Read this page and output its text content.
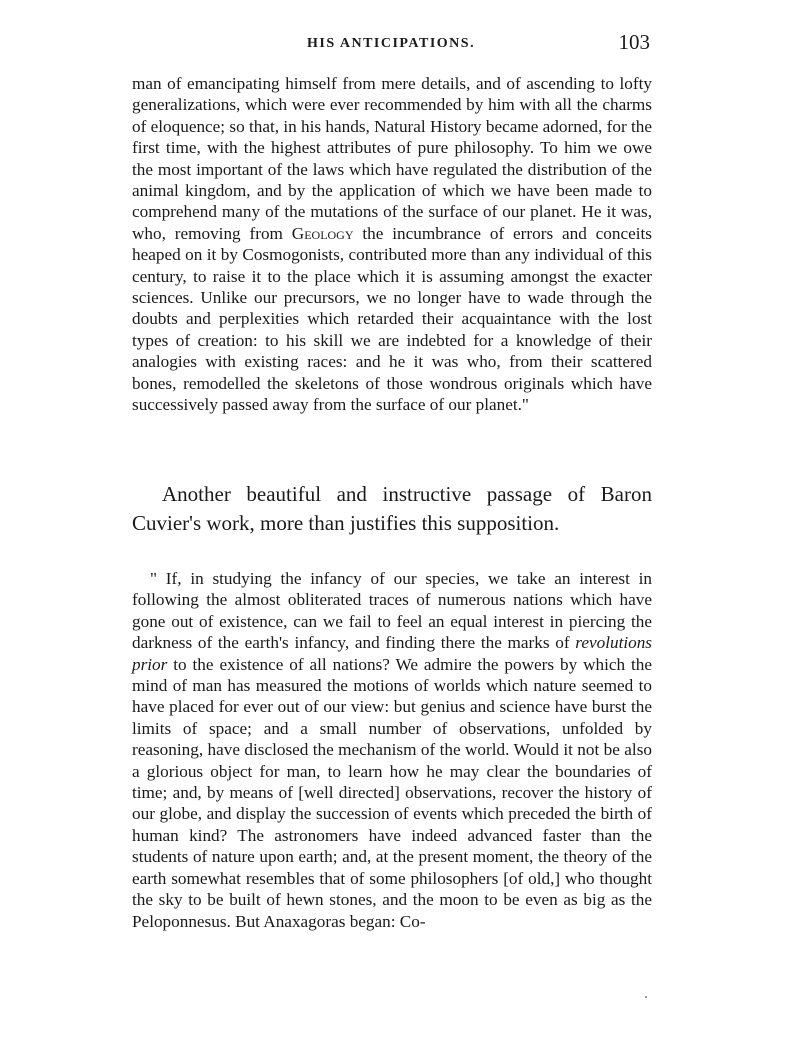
HIS ANTICIPATIONS.	103

man of emancipating himself from mere details, and of ascending to lofty generalizations, which were ever recommended by him with all the charms of eloquence; so that, in his hands, Natural History became adorned, for the first time, with the highest attributes of pure philosophy. To him we owe the most important of the laws which have regulated the distribution of the animal kingdom, and by the application of which we have been made to comprehend many of the mutations of the surface of our planet. He it was, who, removing from Geology the incumbrance of errors and conceits heaped on it by Cosmogonists, contributed more than any individual of this century, to raise it to the place which it is assuming amongst the exacter sciences. Unlike our precursors, we no longer have to wade through the doubts and perplexities which retarded their acquaintance with the lost types of creation: to his skill we are indebted for a knowledge of their analogies with existing races: and he it was who, from their scattered bones, remodelled the skeletons of those wondrous originals which have successively passed away from the surface of our planet."

Another beautiful and instructive passage of Baron Cuvier's work, more than justifies this supposition.

" If, in studying the infancy of our species, we take an interest in following the almost obliterated traces of numerous nations which have gone out of existence, can we fail to feel an equal interest in piercing the darkness of the earth's infancy, and finding there the marks of revolutions prior to the existence of all nations? We admire the powers by which the mind of man has measured the motions of worlds which nature seemed to have placed for ever out of our view: but genius and science have burst the limits of space; and a small number of observations, unfolded by reasoning, have disclosed the mechanism of the world. Would it not be also a glorious object for man, to learn how he may clear the boundaries of time; and, by means of [well directed] observations, recover the history of our globe, and display the succession of events which preceded the birth of human kind? The astronomers have indeed advanced faster than the students of nature upon earth; and, at the present moment, the theory of the earth somewhat resembles that of some philosophers [of old,] who thought the sky to be built of hewn stones, and the moon to be even as big as the Peloponnesus. But Anaxagoras began: Co-
